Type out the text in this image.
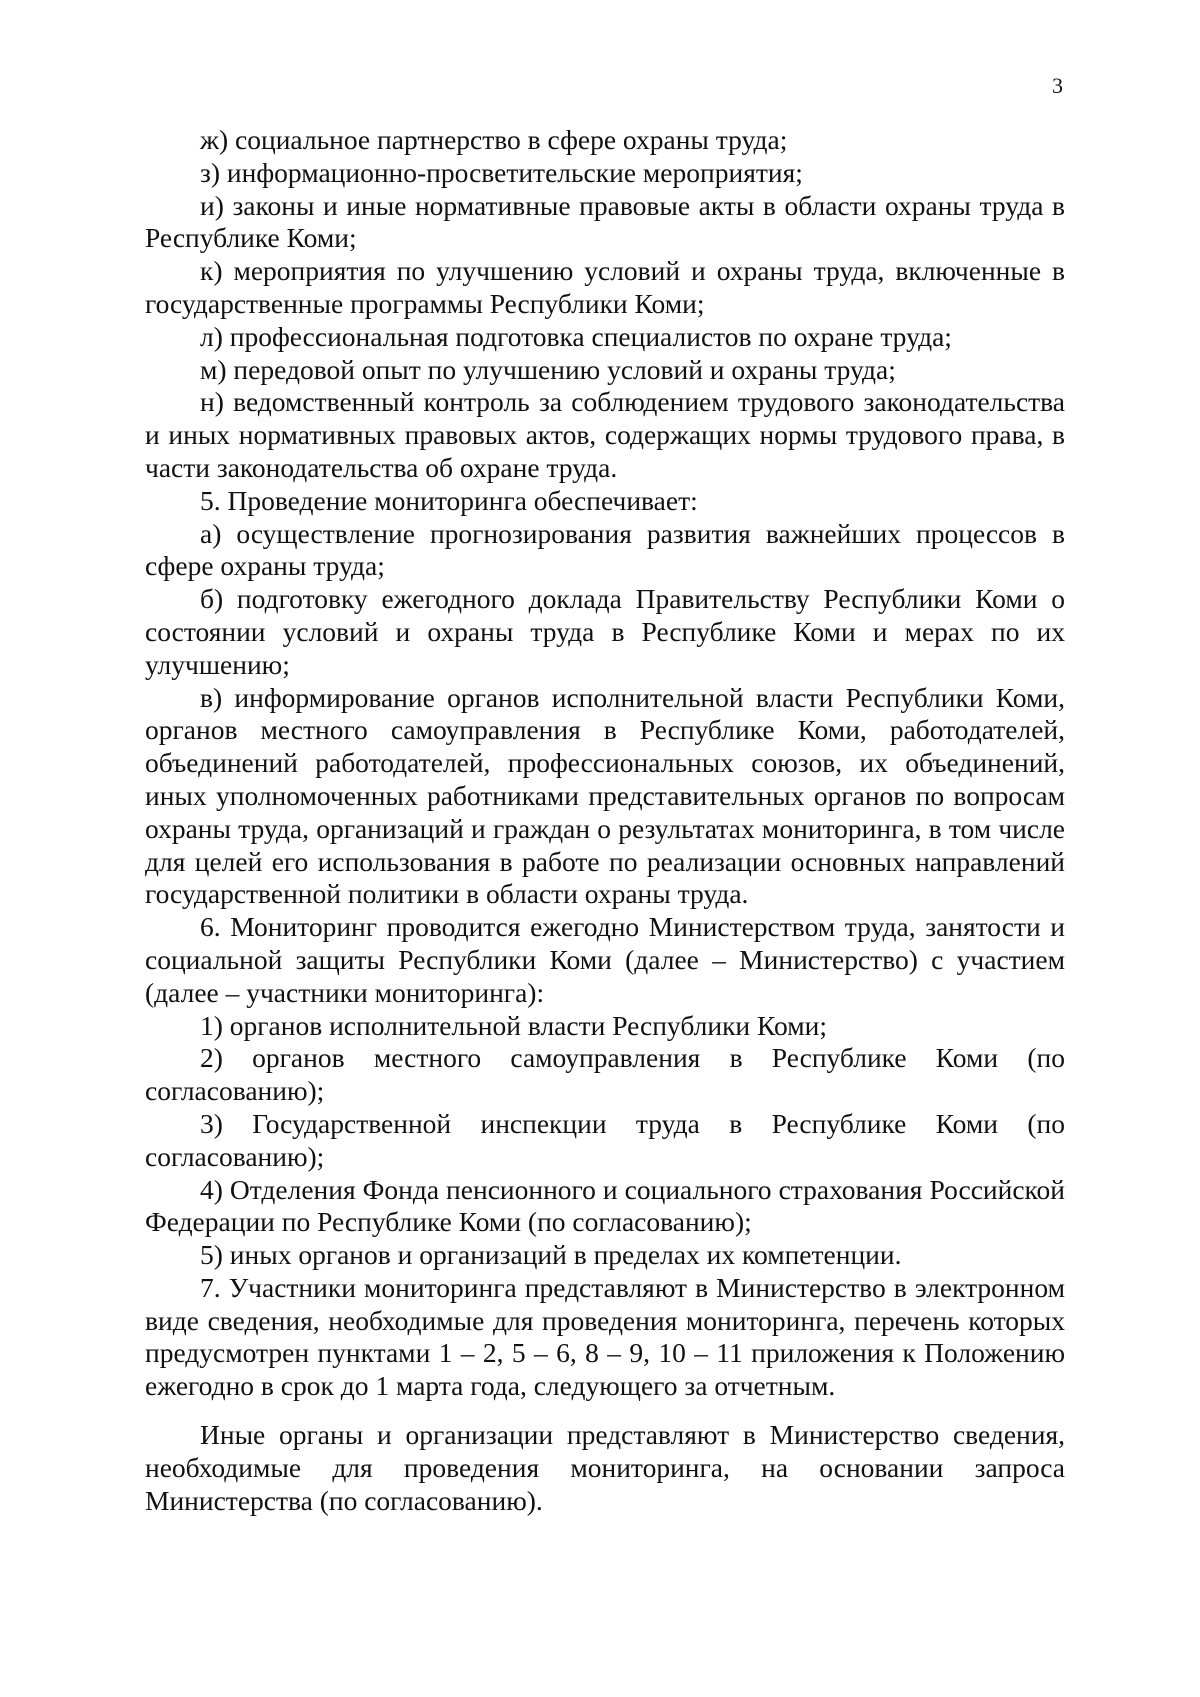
3

ж) социальное партнерство в сфере охраны труда;

з) информационно-просветительские мероприятия;

и) законы и иные нормативные правовые акты в области охраны труда в Республике Коми;

к) мероприятия по улучшению условий и охраны труда, включенные в государственные программы Республики Коми;

л) профессиональная подготовка специалистов по охране труда;

м) передовой опыт по улучшению условий и охраны труда;

н) ведомственный контроль за соблюдением трудового законодательства и иных нормативных правовых актов, содержащих нормы трудового права, в части законодательства об охране труда.

5. Проведение мониторинга обеспечивает:

а) осуществление прогнозирования развития важнейших процессов в сфере охраны труда;

б) подготовку ежегодного доклада Правительству Республики Коми о состоянии условий и охраны труда в Республике Коми и мерах по их улучшению;

в) информирование органов исполнительной власти Республики Коми, органов местного самоуправления в Республике Коми, работодателей, объединений работодателей, профессиональных союзов, их объединений, иных уполномоченных работниками представительных органов по вопросам охраны труда, организаций и граждан о результатах мониторинга, в том числе для целей его использования в работе по реализации основных направлений государственной политики в области охраны труда.

6. Мониторинг проводится ежегодно Министерством труда, занятости и социальной защиты Республики Коми (далее – Министерство) с участием (далее – участники мониторинга):

1) органов исполнительной власти Республики Коми;

2) органов местного самоуправления в Республике Коми (по согласованию);

3) Государственной инспекции труда в Республике Коми (по согласованию);

4) Отделения Фонда пенсионного и социального страхования Российской Федерации по Республике Коми (по согласованию);

5) иных органов и организаций в пределах их компетенции.

7. Участники мониторинга представляют в Министерство в электронном виде сведения, необходимые для проведения мониторинга, перечень которых предусмотрен пунктами 1 – 2, 5 – 6, 8 – 9, 10 – 11 приложения к Положению ежегодно в срок до 1 марта года, следующего за отчетным.

Иные органы и организации представляют в Министерство сведения, необходимые для проведения мониторинга, на основании запроса Министерства (по согласованию).
